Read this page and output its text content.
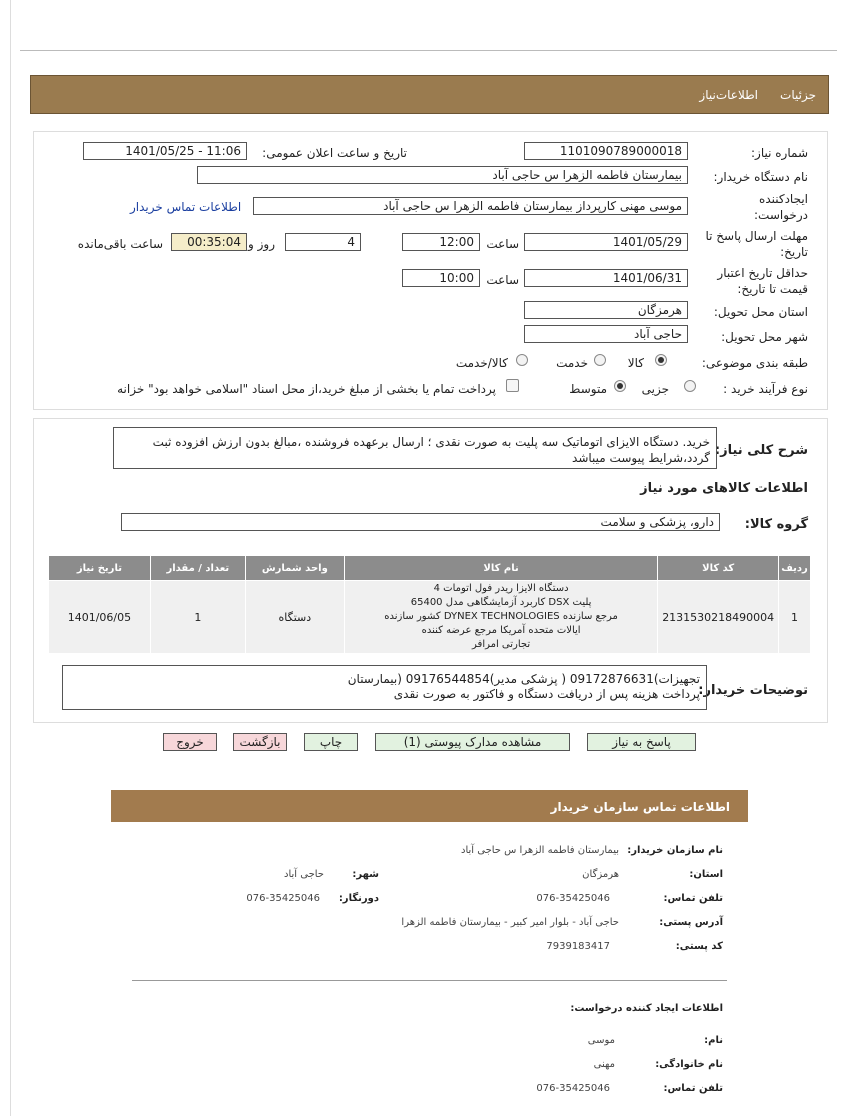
جزئیات
اطلاعات‌نیاز
شماره نیاز:
1101090789000018
تاریخ و ساعت اعلان عمومی:
1401/05/25 - 11:06
نام دستگاه خریدار:
بیمارستان فاطمه الزهرا س حاجی آباد
ایجادکننده
درخواست:
موسی مهنی کارپرداز بیمارستان فاطمه الزهرا س حاجی آباد
اطلاعات تماس خریدار
مهلت ارسال پاسخ تا
تاریخ:
1401/05/29
ساعت
12:00
4
روز و
00:35:04
ساعت باقی‌مانده
حداقل تاریخ اعتبار
قیمت تا تاریخ:
1401/06/31
ساعت
10:00
استان محل تحویل:
هرمزگان
شهر محل تحویل:
حاجی آباد
طبقه بندی موضوعی:
کالا
خدمت
کالا/خدمت
نوع فرآیند خرید :
جزیی
متوسط
پرداخت تمام یا بخشی از مبلغ خرید،از محل اسناد "اسلامی خواهد بود" خزانه
شرح کلی نیاز:
خرید. دستگاه الایزای اتوماتیک سه پلیت به صورت نقدی ؛ ارسال برعهده فروشنده ،مبالغ بدون ارزش افزوده ثبت
گردد،شرایط پیوست میباشد
اطلاعات کالاهای مورد نیاز
گروه کالا:
دارو، پزشکی و سلامت
ردیف	کد کالا	نام کالا	واحد شمارش	تعداد / مقدار	تاریخ نیاز
1	2131530218490004	دستگاه الایزا ریدر فول اتومات 4
پلیت DSX کاربرد آزمایشگاهی مدل 65400
مرجع سازنده DYNEX TECHNOLOGIES کشور سازنده
ایالات متحده آمریکا مرجع عرضه کننده
تجارتی امرافر	دستگاه	1	1401/06/05
توضیحات خریدار:
تجهیزات)09172876631 ( پزشکی مدیر)09176544854 (بیمارستان
پرداخت هزینه پس از دریافت دستگاه و فاکتور به صورت نقدی
پاسخ به نیاز
مشاهده مدارک پیوستی (1)
چاپ
بازگشت
خروج
اطلاعات تماس سازمان خریدار
نام سازمان خریدار:
بیمارستان فاطمه الزهرا س حاجی آباد
استان:
هرمزگان
شهر:
حاجی آباد
تلفن تماس:
076-35425046
دورنگار:
076-35425046
آدرس پستی:
حاجی آباد - بلوار امیر کبیر - بیمارستان فاطمه الزهرا
کد پستی:
7939183417
اطلاعات ایجاد کننده درخواست:
نام:
موسی
نام خانوادگی:
مهنی
تلفن تماس:
076-35425046
